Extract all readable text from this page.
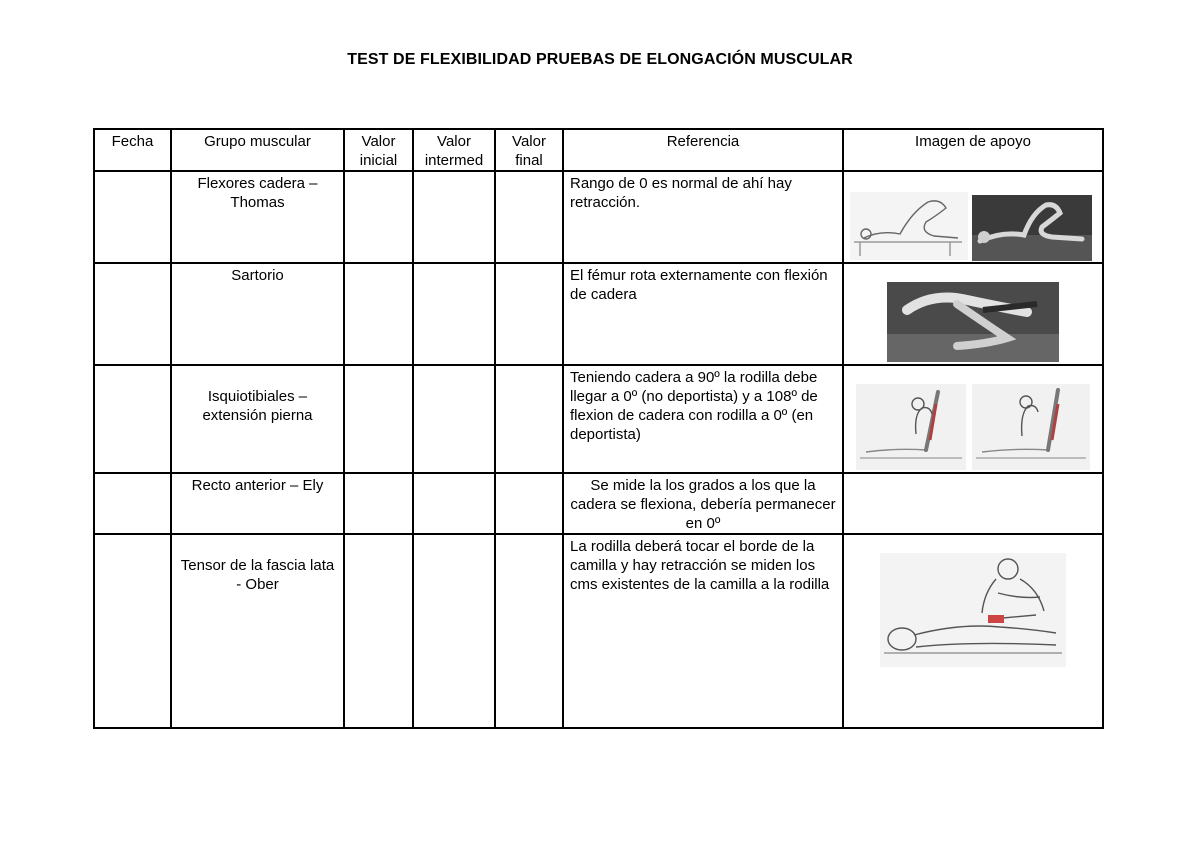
TEST DE FLEXIBILIDAD PRUEBAS DE ELONGACIÓN MUSCULAR
Fecha	Grupo muscular	Valor inicial	Valor intermed	Valor final	Referencia	Imagen de apoyo
	Flexores cadera – Thomas				Rango de 0 es normal de ahí hay retracción.	

	Sartorio				El fémur rota externamente con flexión de cadera	

	Isquiotibiales – extensión pierna				Teniendo cadera a 90º la rodilla debe llegar a 0º (no deportista) y a 108º de flexion de cadera con rodilla a 0º (en deportista)	

	Recto anterior – Ely				Se mide la los grados a los que la cadera se flexiona, debería permanecer en 0º	
	Tensor de la fascia lata - Ober				La rodilla deberá tocar el borde de la camilla y hay retracción se miden los cms existentes de la camilla a la rodilla	
